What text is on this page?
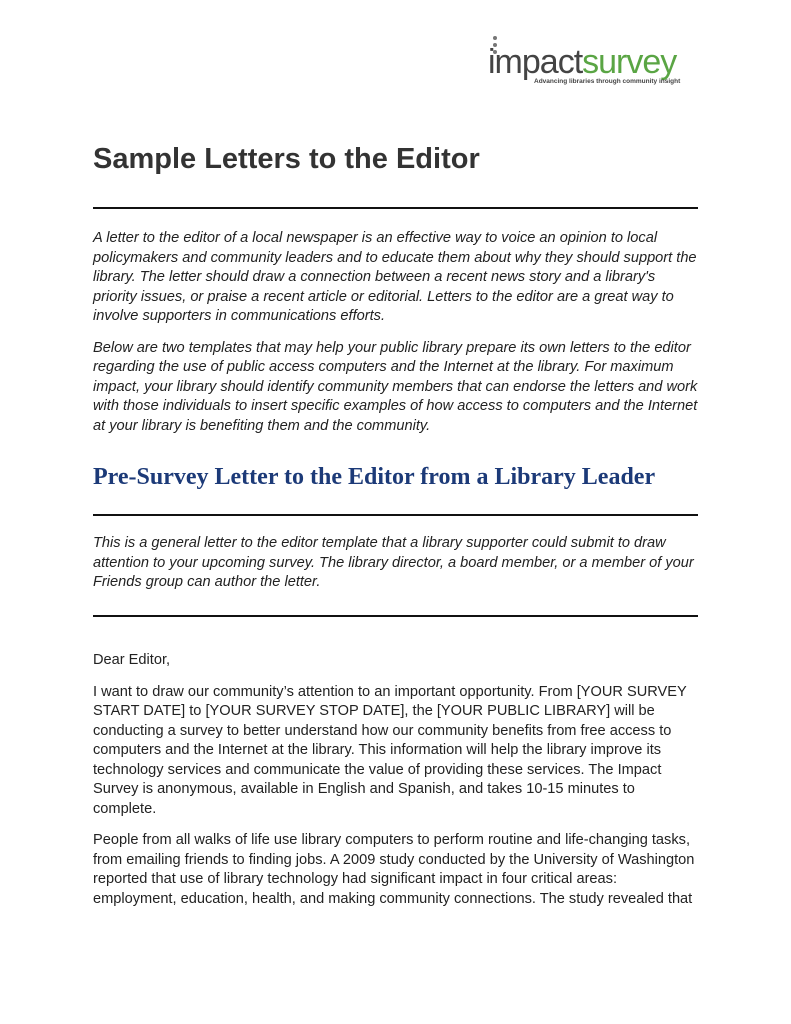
impactsurvey
Advancing libraries through community insight
Sample Letters to the Editor

A letter to the editor of a local newspaper is an effective way to voice an opinion to local policymakers and community leaders and to educate them about why they should support the library. The letter should draw a connection between a recent news story and a library's priority issues, or praise a recent article or editorial. Letters to the editor are a great way to involve supporters in communications efforts.

Below are two templates that may help your public library prepare its own letters to the editor regarding the use of public access computers and the Internet at the library. For maximum impact, your library should identify community members that can endorse the letters and work with those individuals to insert specific examples of how access to computers and the Internet at your library is benefiting them and the community.

Pre-Survey Letter to the Editor from a Library Leader

This is a general letter to the editor template that a library supporter could submit to draw attention to your upcoming survey. The library director, a board member, or a member of your Friends group can author the letter.

Dear Editor,

I want to draw our community’s attention to an important opportunity. From [YOUR SURVEY START DATE] to [YOUR SURVEY STOP DATE], the [YOUR PUBLIC LIBRARY] will be conducting a survey to better understand how our community benefits from free access to computers and the Internet at the library. This information will help the library improve its technology services and communicate the value of providing these services. The Impact Survey is anonymous, available in English and Spanish, and takes 10-15 minutes to complete.

People from all walks of life use library computers to perform routine and life-changing tasks, from emailing friends to finding jobs. A 2009 study conducted by the University of Washington reported that use of library technology had significant impact in four critical areas: employment, education, health, and making community connections. The study revealed that
